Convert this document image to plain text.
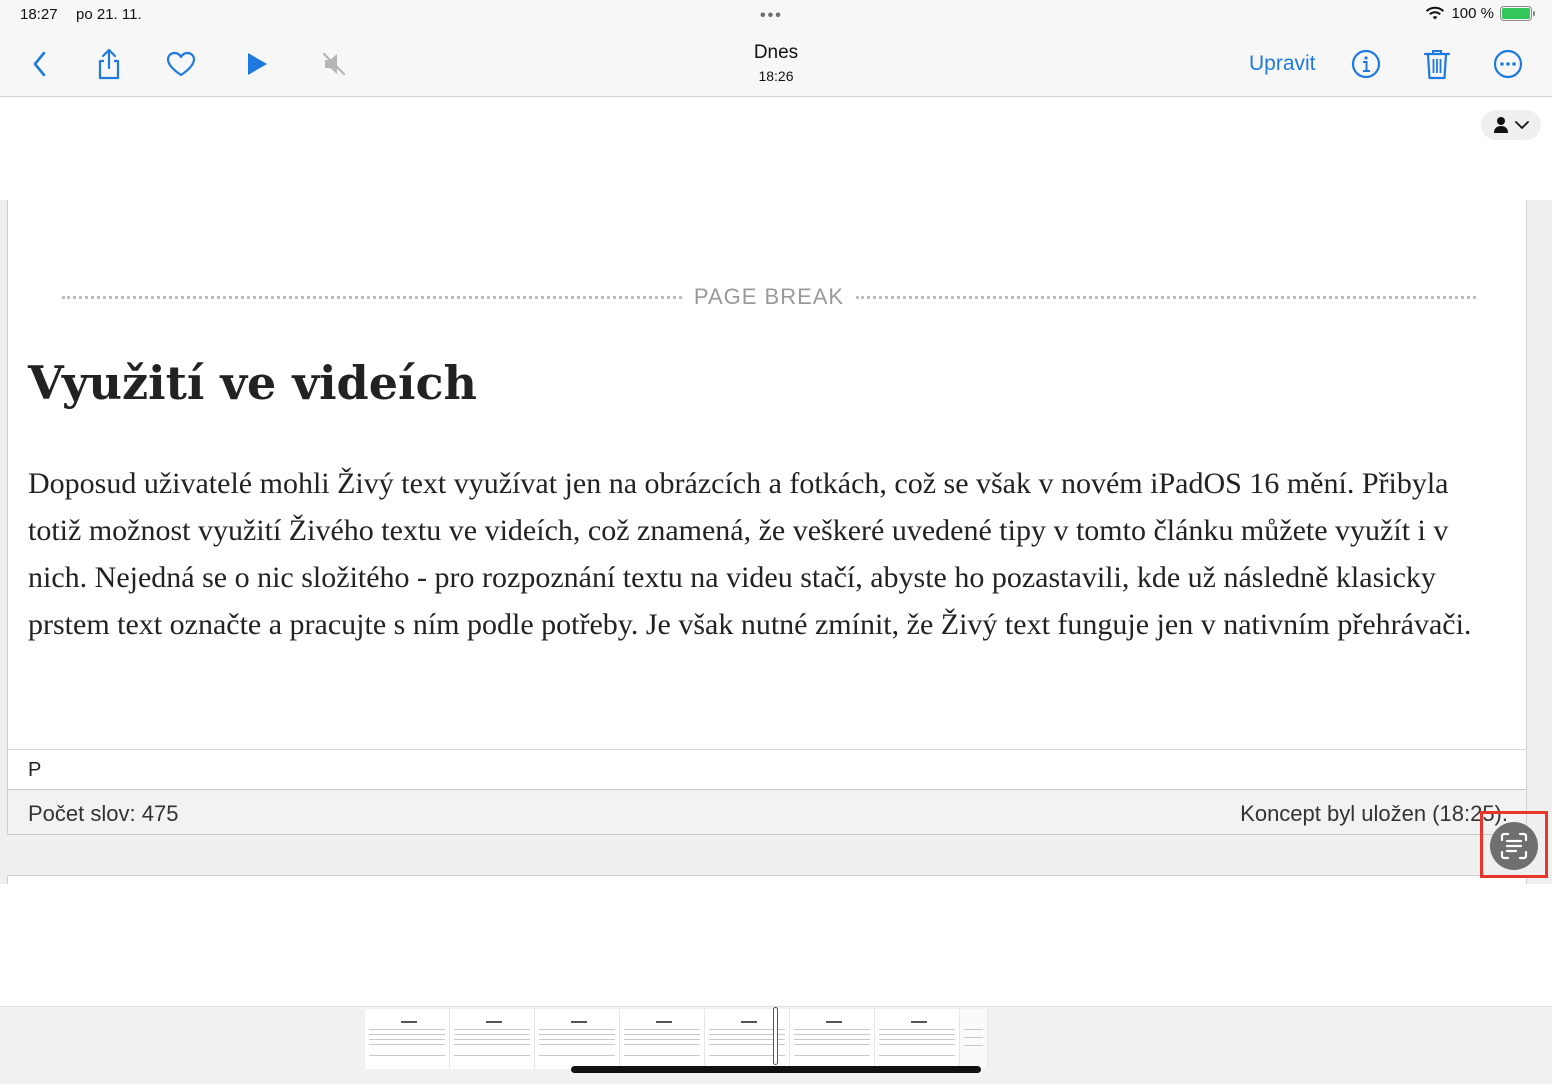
18:27 po 21. 11.	•••	100 %
Dnes
18:26
Upravit
PAGE BREAK
Využití ve videích

Doposud uživatelé mohli Živý text využívat jen na obrázcích a fotkách, což se však v novém iPadOS 16 mění. Přibyla totiž možnost využití Živého textu ve videích, což znamená, že veškeré uvedené tipy v tomto článku můžete využít i v nich. Nejedná se o nic složitého - pro rozpoznání textu na videu stačí, abyste ho pozastavili, kde už následně klasicky prstem text označte a pracujte s ním podle potřeby. Je však nutné zmínit, že Živý text funguje jen v nativním přehrávači.

P
Počet slov: 475	Koncept byl uložen (18:25).
